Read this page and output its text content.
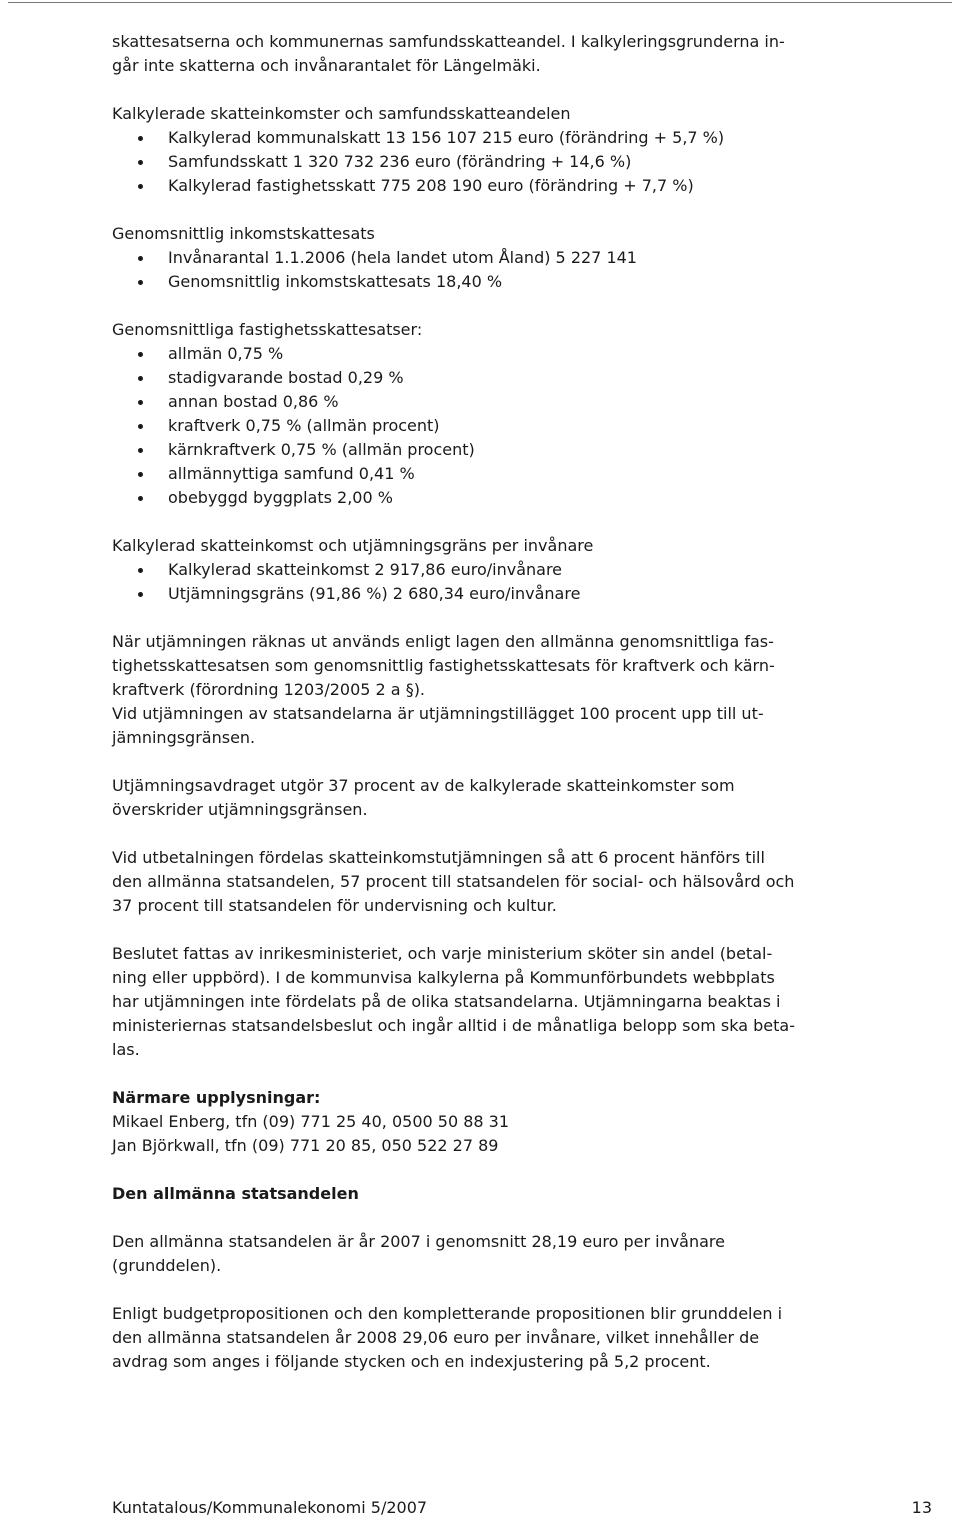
skattesatserna och kommunernas samfundsskatteandel. I kalkyleringsgrunderna in-
går inte skatterna och invånarantalet för Längelmäki.
Kalkylerade skatteinkomster och samfundsskatteandelen
Kalkylerad kommunalskatt 13 156 107 215 euro (förändring + 5,7 %)
Samfundsskatt 1 320 732 236 euro (förändring + 14,6 %)
Kalkylerad fastighetsskatt 775 208 190 euro (förändring + 7,7 %)
Genomsnittlig inkomstskattesats
Invånarantal 1.1.2006 (hela landet utom Åland) 5 227 141
Genomsnittlig inkomstskattesats 18,40 %
Genomsnittliga fastighetsskattesatser:
allmän 0,75 %
stadigvarande bostad 0,29 %
annan bostad 0,86 %
kraftverk 0,75 % (allmän procent)
kärnkraftverk 0,75 % (allmän procent)
allmännyttiga samfund 0,41 %
obebyggd byggplats 2,00 %
Kalkylerad skatteinkomst och utjämningsgräns per invånare
Kalkylerad skatteinkomst 2 917,86 euro/invånare
Utjämningsgräns (91,86 %) 2 680,34 euro/invånare
När utjämningen räknas ut används enligt lagen den allmänna genomsnittliga fas-
tighetsskattesatsen som genomsnittlig fastighetsskattesats för kraftverk och kärn-
kraftverk (förordning 1203/2005 2 a §).
Vid utjämningen av statsandelarna är utjämningstillägget 100 procent upp till ut-
jämningsgränsen.
Utjämningsavdraget utgör 37 procent av de kalkylerade skatteinkomster som
överskrider utjämningsgränsen.
Vid utbetalningen fördelas skatteinkomstutjämningen så att 6 procent hänförs till
den allmänna statsandelen, 57 procent till statsandelen för social- och hälsovård och
37 procent till statsandelen för undervisning och kultur.
Beslutet fattas av inrikesministeriet, och varje ministerium sköter sin andel (betal-
ning eller uppbörd). I de kommunvisa kalkylerna på Kommunförbundets webbplats
har utjämningen inte fördelats på de olika statsandelarna. Utjämningarna beaktas i
ministeriernas statsandelsbeslut och ingår alltid i de månatliga belopp som ska beta-
las.
Närmare upplysningar:
Mikael Enberg, tfn (09) 771 25 40, 0500 50 88 31
Jan Björkwall, tfn (09) 771 20 85, 050 522 27 89
Den allmänna statsandelen
Den allmänna statsandelen är år 2007 i genomsnitt 28,19 euro per invånare
(grunddelen).
Enligt budgetpropositionen och den kompletterande propositionen blir grunddelen i
den allmänna statsandelen år 2008 29,06 euro per invånare, vilket innehåller de
avdrag som anges i följande stycken och en indexjustering på 5,2 procent.
Kuntatalous/Kommunalekonomi 5/2007	13
